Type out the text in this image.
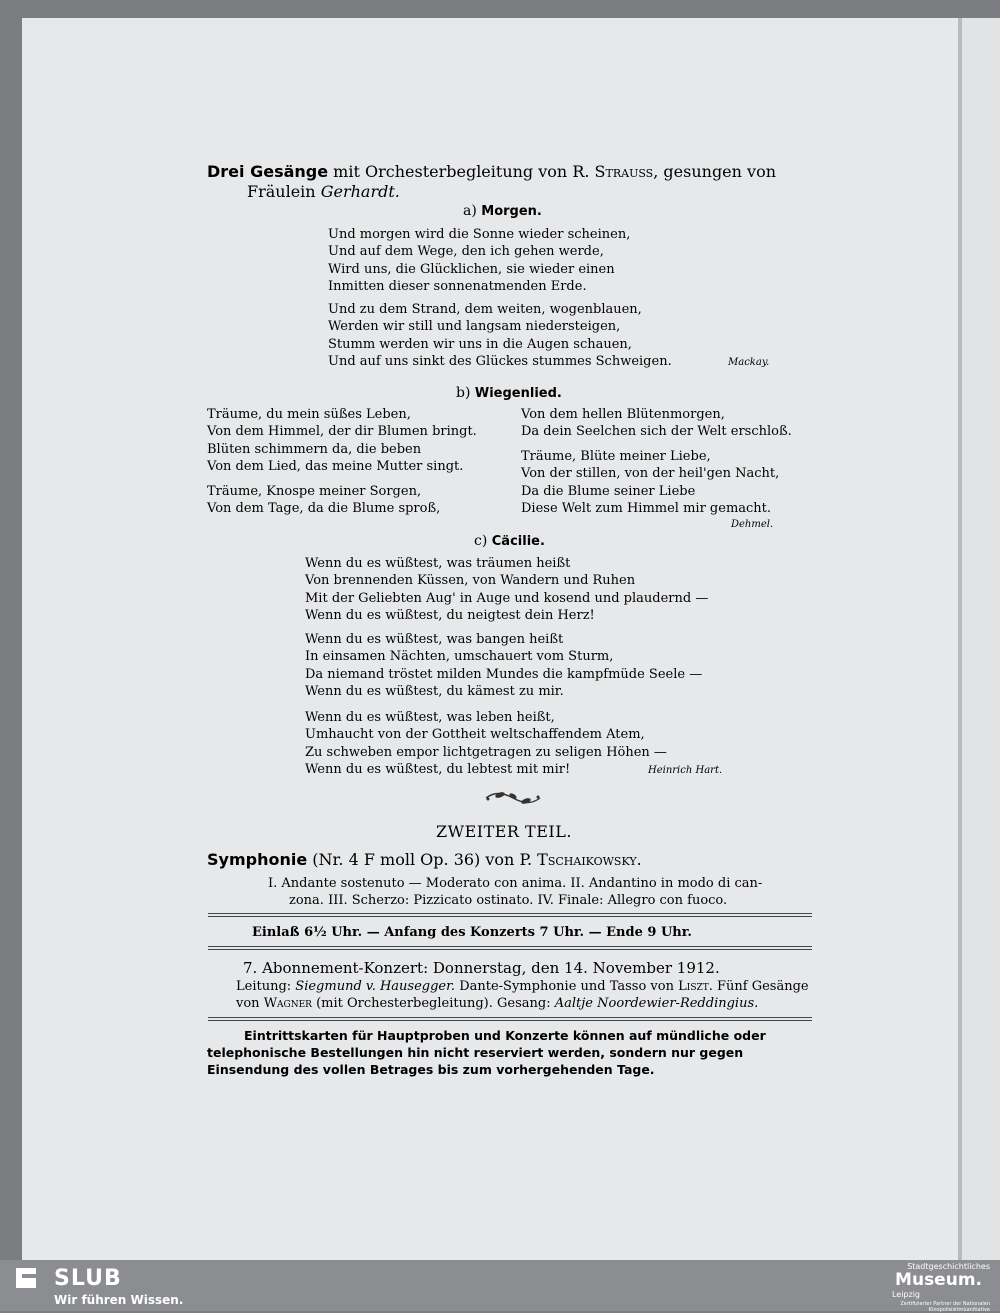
Drei Gesänge mit Orchesterbegleitung von R. Strauss, gesungen von
Fräulein Gerhardt.
a) Morgen.
Und morgen wird die Sonne wieder scheinen,
Und auf dem Wege, den ich gehen werde,
Wird uns, die Glücklichen, sie wieder einen
Inmitten dieser sonnenatmenden Erde.
Und zu dem Strand, dem weiten, wogenblauen,
Werden wir still und langsam niedersteigen,
Stumm werden wir uns in die Augen schauen,
Und auf uns sinkt des Glückes stummes Schweigen.	Mackay.
b) Wiegenlied.
Träume, du mein süßes Leben,
Von dem Himmel, der dir Blumen bringt.
Blüten schimmern da, die beben
Von dem Lied, das meine Mutter singt.
Träume, Knospe meiner Sorgen,
Von dem Tage, da die Blume sproß,
Von dem hellen Blütenmorgen,
Da dein Seelchen sich der Welt erschloß.
Träume, Blüte meiner Liebe,
Von der stillen, von der heil'gen Nacht,
Da die Blume seiner Liebe
Diese Welt zum Himmel mir gemacht.
Dehmel.
c) Cäcilie.
Wenn du es wüßtest, was träumen heißt
Von brennenden Küssen, von Wandern und Ruhen
Mit der Geliebten Aug' in Auge und kosend und plaudernd —
Wenn du es wüßtest, du neigtest dein Herz!
Wenn du es wüßtest, was bangen heißt
In einsamen Nächten, umschauert vom Sturm,
Da niemand tröstet milden Mundes die kampfmüde Seele —
Wenn du es wüßtest, du kämest zu mir.
Wenn du es wüßtest, was leben heißt,
Umhaucht von der Gottheit weltschaffendem Atem,
Zu schweben empor lichtgetragen zu seligen Höhen —
Wenn du es wüßtest, du lebtest mit mir!	Heinrich Hart.
ZWEITER TEIL.
Symphonie (Nr. 4 F moll Op. 36) von P. Tschaikowsky.
I. Andante sostenuto — Moderato con anima. II. Andantino in modo di can-
zona. III. Scherzo: Pizzicato ostinato. IV. Finale: Allegro con fuoco.
Einlaß 6½ Uhr. — Anfang des Konzerts 7 Uhr. — Ende 9 Uhr.
7. Abonnement-Konzert: Donnerstag, den 14. November 1912.
Leitung: Siegmund v. Hausegger. Dante-Symphonie und Tasso von Liszt. Fünf Gesänge
von Wagner (mit Orchesterbegleitung). Gesang: Aaltje Noordewier-Reddingius.
Eintrittskarten für Hauptproben und Konzerte können auf mündliche oder
telephonische Bestellungen hin nicht reserviert werden, sondern nur gegen
Einsendung des vollen Betrages bis zum vorhergehenden Tage.
SLUB
Wir führen Wissen.
Stadtgeschichtliches
Museum.
Leipzig
Zertifizierter Partner der Nationalen Kinopolisisitmüanitiative
